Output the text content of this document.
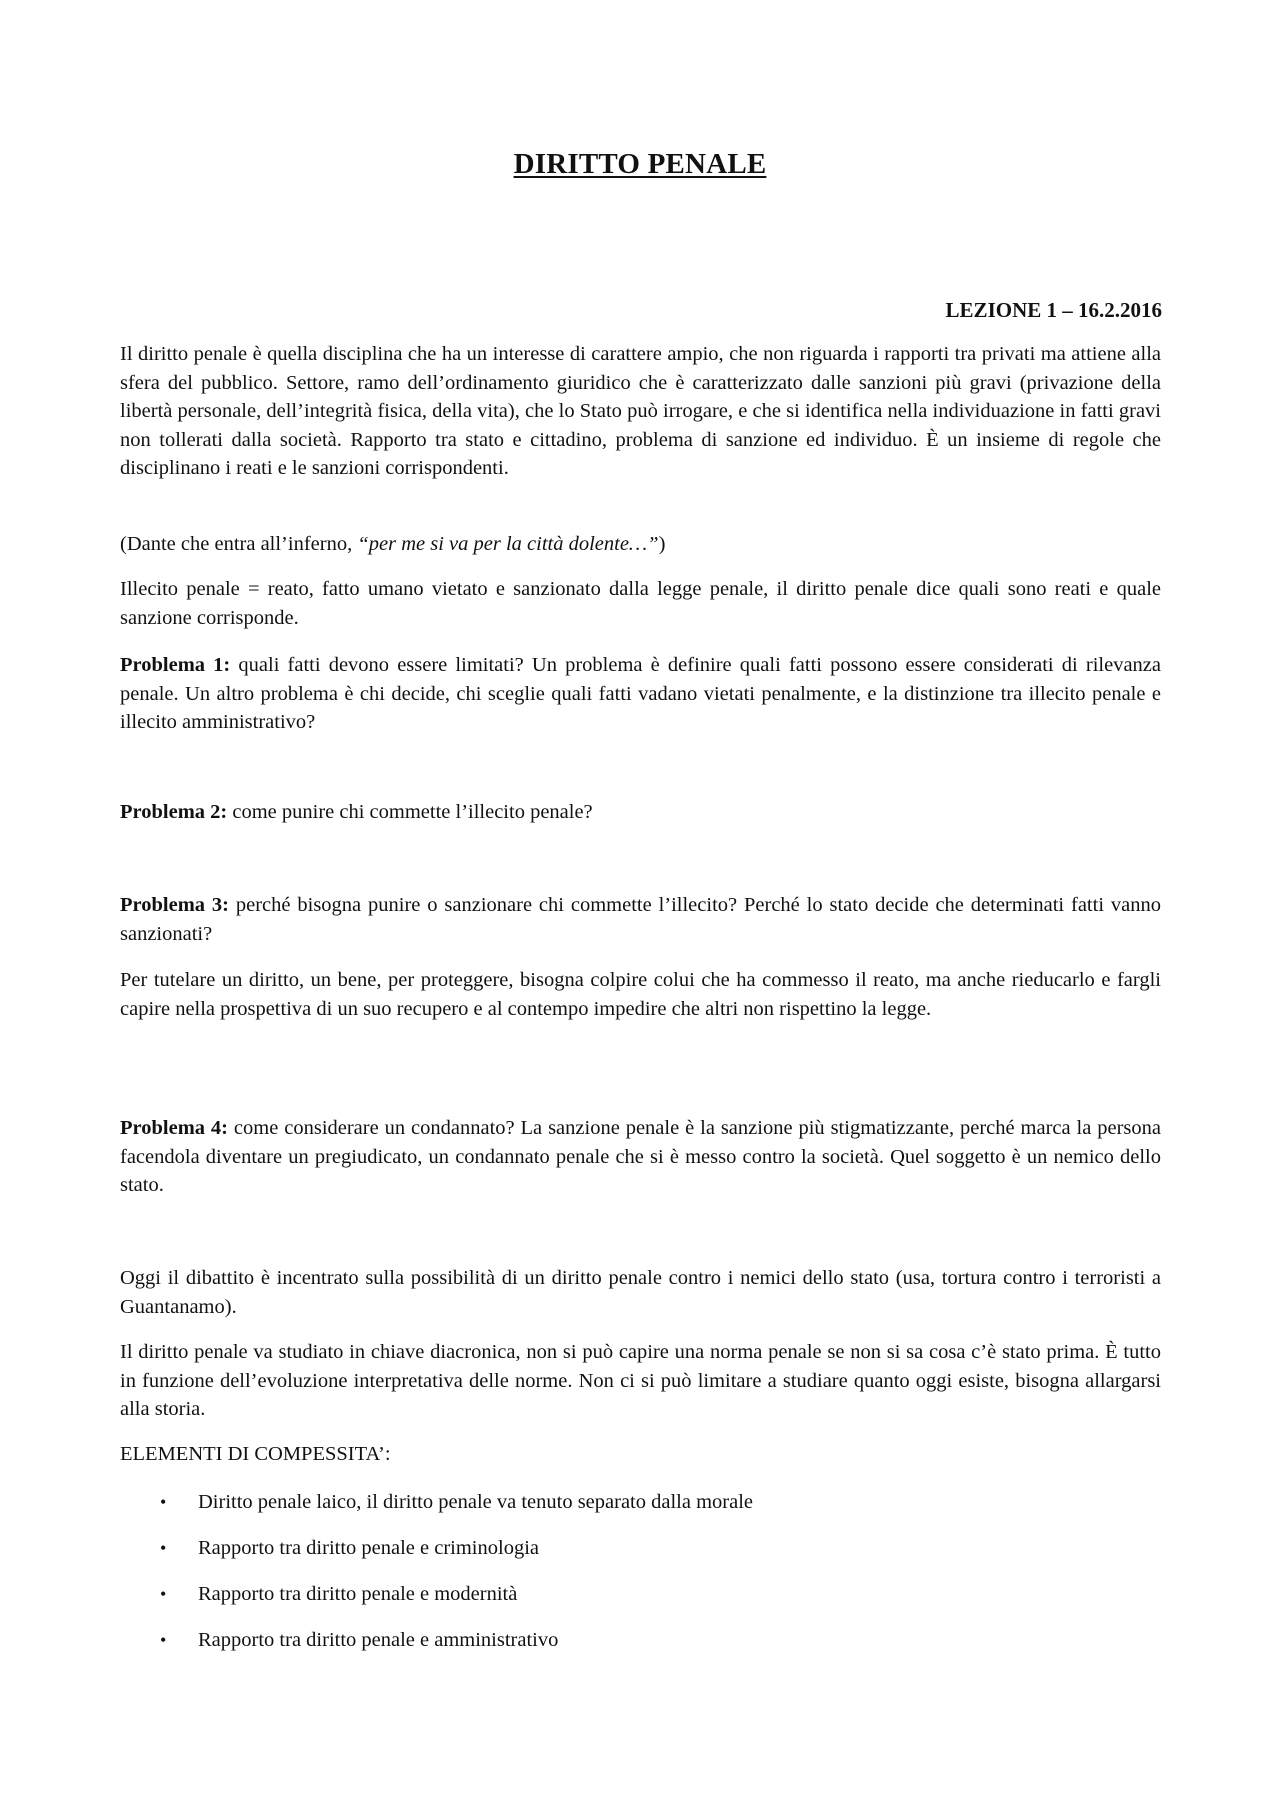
DIRITTO PENALE
LEZIONE 1 – 16.2.2016

Il diritto penale è quella disciplina che ha un interesse di carattere ampio, che non riguarda i rapporti tra privati ma attiene alla sfera del pubblico. Settore, ramo dell’ordinamento giuridico che è caratterizzato dalle sanzioni più gravi (privazione della libertà personale, dell’integrità fisica, della vita), che lo Stato può irrogare, e che si identifica nella individuazione in fatti gravi non tollerati dalla società. Rapporto tra stato e cittadino, problema di sanzione ed individuo. È un insieme di regole che disciplinano i reati e le sanzioni corrispondenti.

(Dante che entra all’inferno, “per me si va per la città dolente…”)

Illecito penale = reato, fatto umano vietato e sanzionato dalla legge penale, il diritto penale dice quali sono reati e quale sanzione corrisponde.

Problema 1: quali fatti devono essere limitati? Un problema è definire quali fatti possono essere considerati di rilevanza penale. Un altro problema è chi decide, chi sceglie quali fatti vadano vietati penalmente, e la distinzione tra illecito penale e illecito amministrativo?

Problema 2: come punire chi commette l’illecito penale?

Problema 3: perché bisogna punire o sanzionare chi commette l’illecito? Perché lo stato decide che determinati fatti vanno sanzionati?

Per tutelare un diritto, un bene, per proteggere, bisogna colpire colui che ha commesso il reato, ma anche rieducarlo e fargli capire nella prospettiva di un suo recupero e al contempo impedire che altri non rispettino la legge.

Problema 4: come considerare un condannato? La sanzione penale è la sanzione più stigmatizzante, perché marca la persona facendola diventare un pregiudicato, un condannato penale che si è messo contro la società. Quel soggetto è un nemico dello stato.

Oggi il dibattito è incentrato sulla possibilità di un diritto penale contro i nemici dello stato (usa, tortura contro i terroristi a Guantanamo).

Il diritto penale va studiato in chiave diacronica, non si può capire una norma penale se non si sa cosa c’è stato prima. È tutto in funzione dell’evoluzione interpretativa delle norme. Non ci si può limitare a studiare quanto oggi esiste, bisogna allargarsi alla storia.

ELEMENTI DI COMPESSITA’:
• Diritto penale laico, il diritto penale va tenuto separato dalla morale
• Rapporto tra diritto penale e criminologia
• Rapporto tra diritto penale e modernità
• Rapporto tra diritto penale e amministrativo
